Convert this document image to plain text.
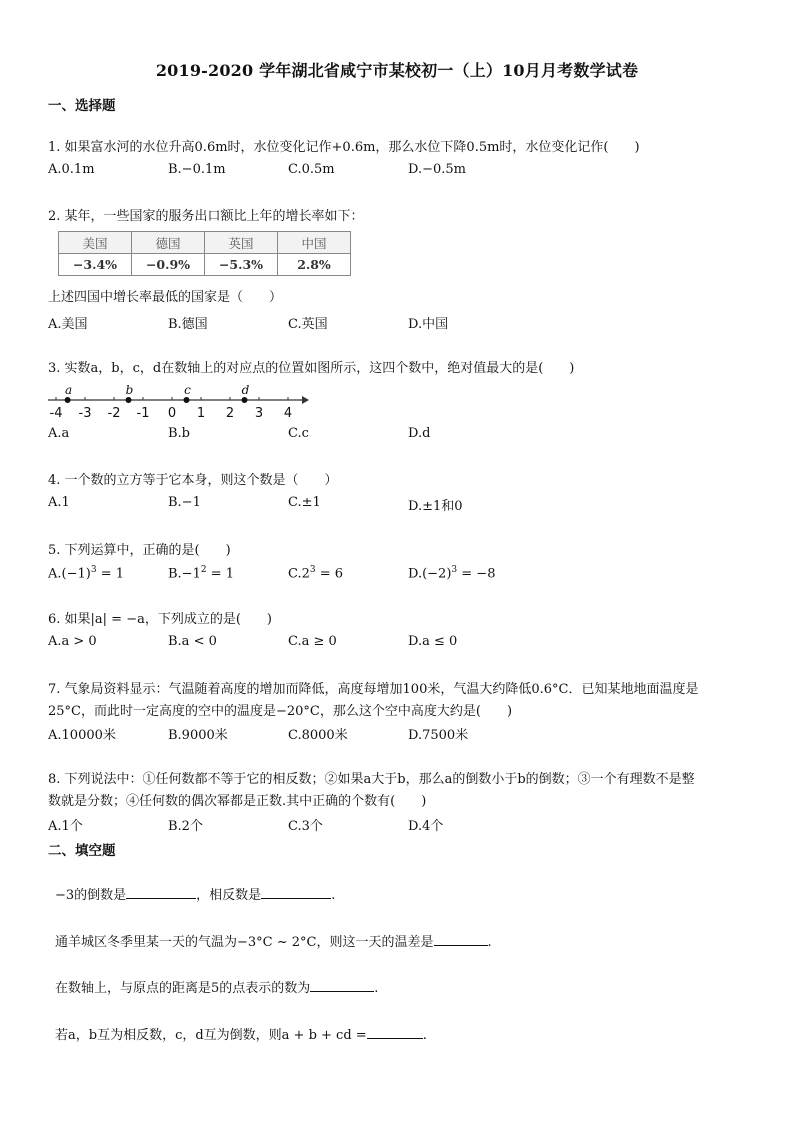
2019-2020 学年湖北省咸宁市某校初一（上）10月月考数学试卷
一、选择题

1. 如果富水河的水位升高0.6m时，水位变化记作+0.6m，那么水位下降0.5m时，水位变化记作(　　)

A.0.1m	B.−0.1m	C.0.5m	D.−0.5m

2. 某年，一些国家的服务出口额比上年的增长率如下：

美国	德国	英国	中国
−3.4%	−0.9%	−5.3%	2.8%

上述四国中增长率最低的国家是（　　）

A.美国	B.德国	C.英国	D.中国

3. 实数a，b，c，d在数轴上的对应点的位置如图所示，这四个数中，绝对值最大的是(　　)

-4 -3 -2 -1 0 1 2 3 4
a	b	c	d
A.a	B.b	C.c	D.d

4. 一个数的立方等于它本身，则这个数是（　　）

A.1	B.−1	C.±1	D.±1和0

5. 下列运算中，正确的是(　　)

$A.(-1)^3 = 1$	$B.-1^2 = 1$	$C.2^3 = 6$	$D.(-2)^3 = -8$

6. 如果|a| = −a，下列成立的是(　　)

A.a > 0	B.a < 0	C.a ≥ 0	D.a ≤ 0

7. 气象局资料显示：气温随着高度的增加而降低，高度每增加100米，气温大约降低0.6°C．已知某地地面温度是

25°C，而此时一定高度的空中的温度是−20°C，那么这个空中高度大约是(　　)

A.10000米	B.9000米	C.8000米	D.7500米

8. 下列说法中：①任何数都不等于它的相反数；②如果a大于b，那么a的倒数小于b的倒数；③一个有理数不是整

数就是分数；④任何数的偶次幂都是正数.其中正确的个数有(　　)

A.1个	B.2个	C.3个	D.4个
二、填空题
−3的倒数是	，相反数是	.
通羊城区冬季里某一天的气温为−3°C ~ 2°C，则这一天的温差是	.
在数轴上，与原点的距离是5的点表示的数为	.
若a，b互为相反数，c，d互为倒数，则a + b + cd =	.
